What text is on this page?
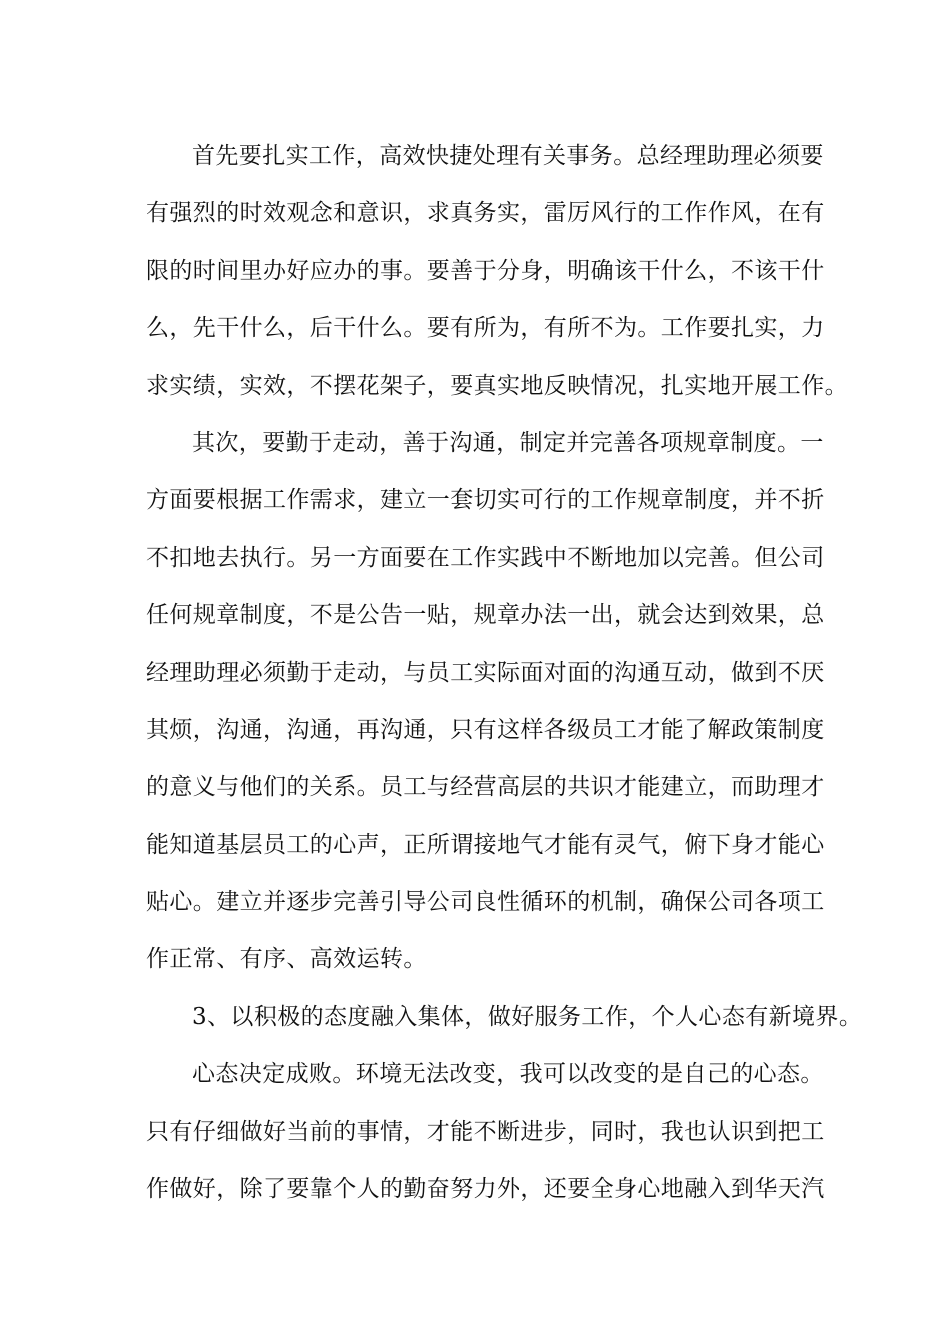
首先要扎实工作，高效快捷处理有关事务。总经理助理必须要
有强烈的时效观念和意识，求真务实，雷厉风行的工作作风，在有
限的时间里办好应办的事。要善于分身，明确该干什么，不该干什
么，先干什么，后干什么。要有所为，有所不为。工作要扎实，力
求实绩，实效，不摆花架子，要真实地反映情况，扎实地开展工作。
其次，要勤于走动，善于沟通，制定并完善各项规章制度。一
方面要根据工作需求，建立一套切实可行的工作规章制度，并不折
不扣地去执行。另一方面要在工作实践中不断地加以完善。但公司
任何规章制度，不是公告一贴，规章办法一出，就会达到效果，总
经理助理必须勤于走动，与员工实际面对面的沟通互动，做到不厌
其烦，沟通，沟通，再沟通，只有这样各级员工才能了解政策制度
的意义与他们的关系。员工与经营高层的共识才能建立，而助理才
能知道基层员工的心声，正所谓接地气才能有灵气，俯下身才能心
贴心。建立并逐步完善引导公司良性循环的机制，确保公司各项工
作正常、有序、高效运转。
3、以积极的态度融入集体，做好服务工作，个人心态有新境界。
心态决定成败。环境无法改变，我可以改变的是自己的心态。
只有仔细做好当前的事情，才能不断进步，同时，我也认识到把工
作做好，除了要靠个人的勤奋努力外，还要全身心地融入到华天汽
